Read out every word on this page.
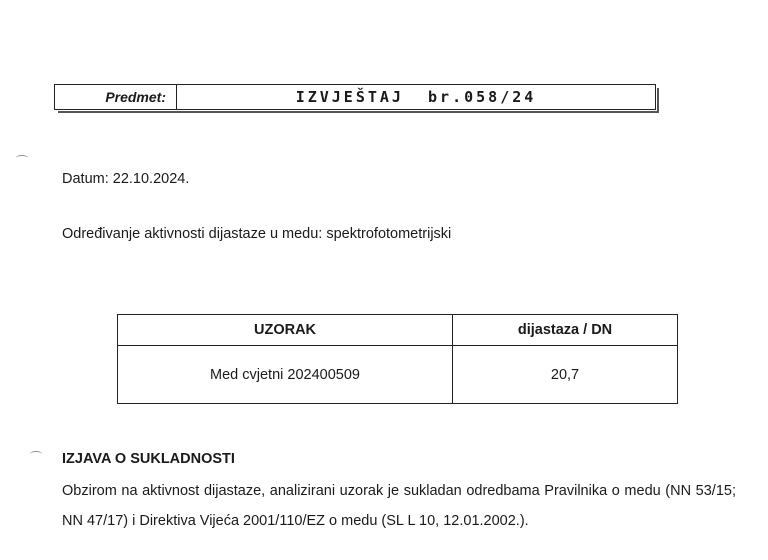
Predmet:	IZVJEŠTAJ  br.058/24
Datum: 22.10.2024.
Određivanje aktivnosti dijastaze u medu: spektrofotometrijski
UZORAK	dijastaza / DN
Med cvjetni 202400509	20,7
IZJAVA O SUKLADNOSTI

Obzirom na aktivnost dijastaze, analizirani uzorak je sukladan odredbama Pravilnika o medu (NN 53/15; NN 47/17) i Direktiva Vijeća 2001/110/EZ o medu (SL L 10, 12.01.2002.).
